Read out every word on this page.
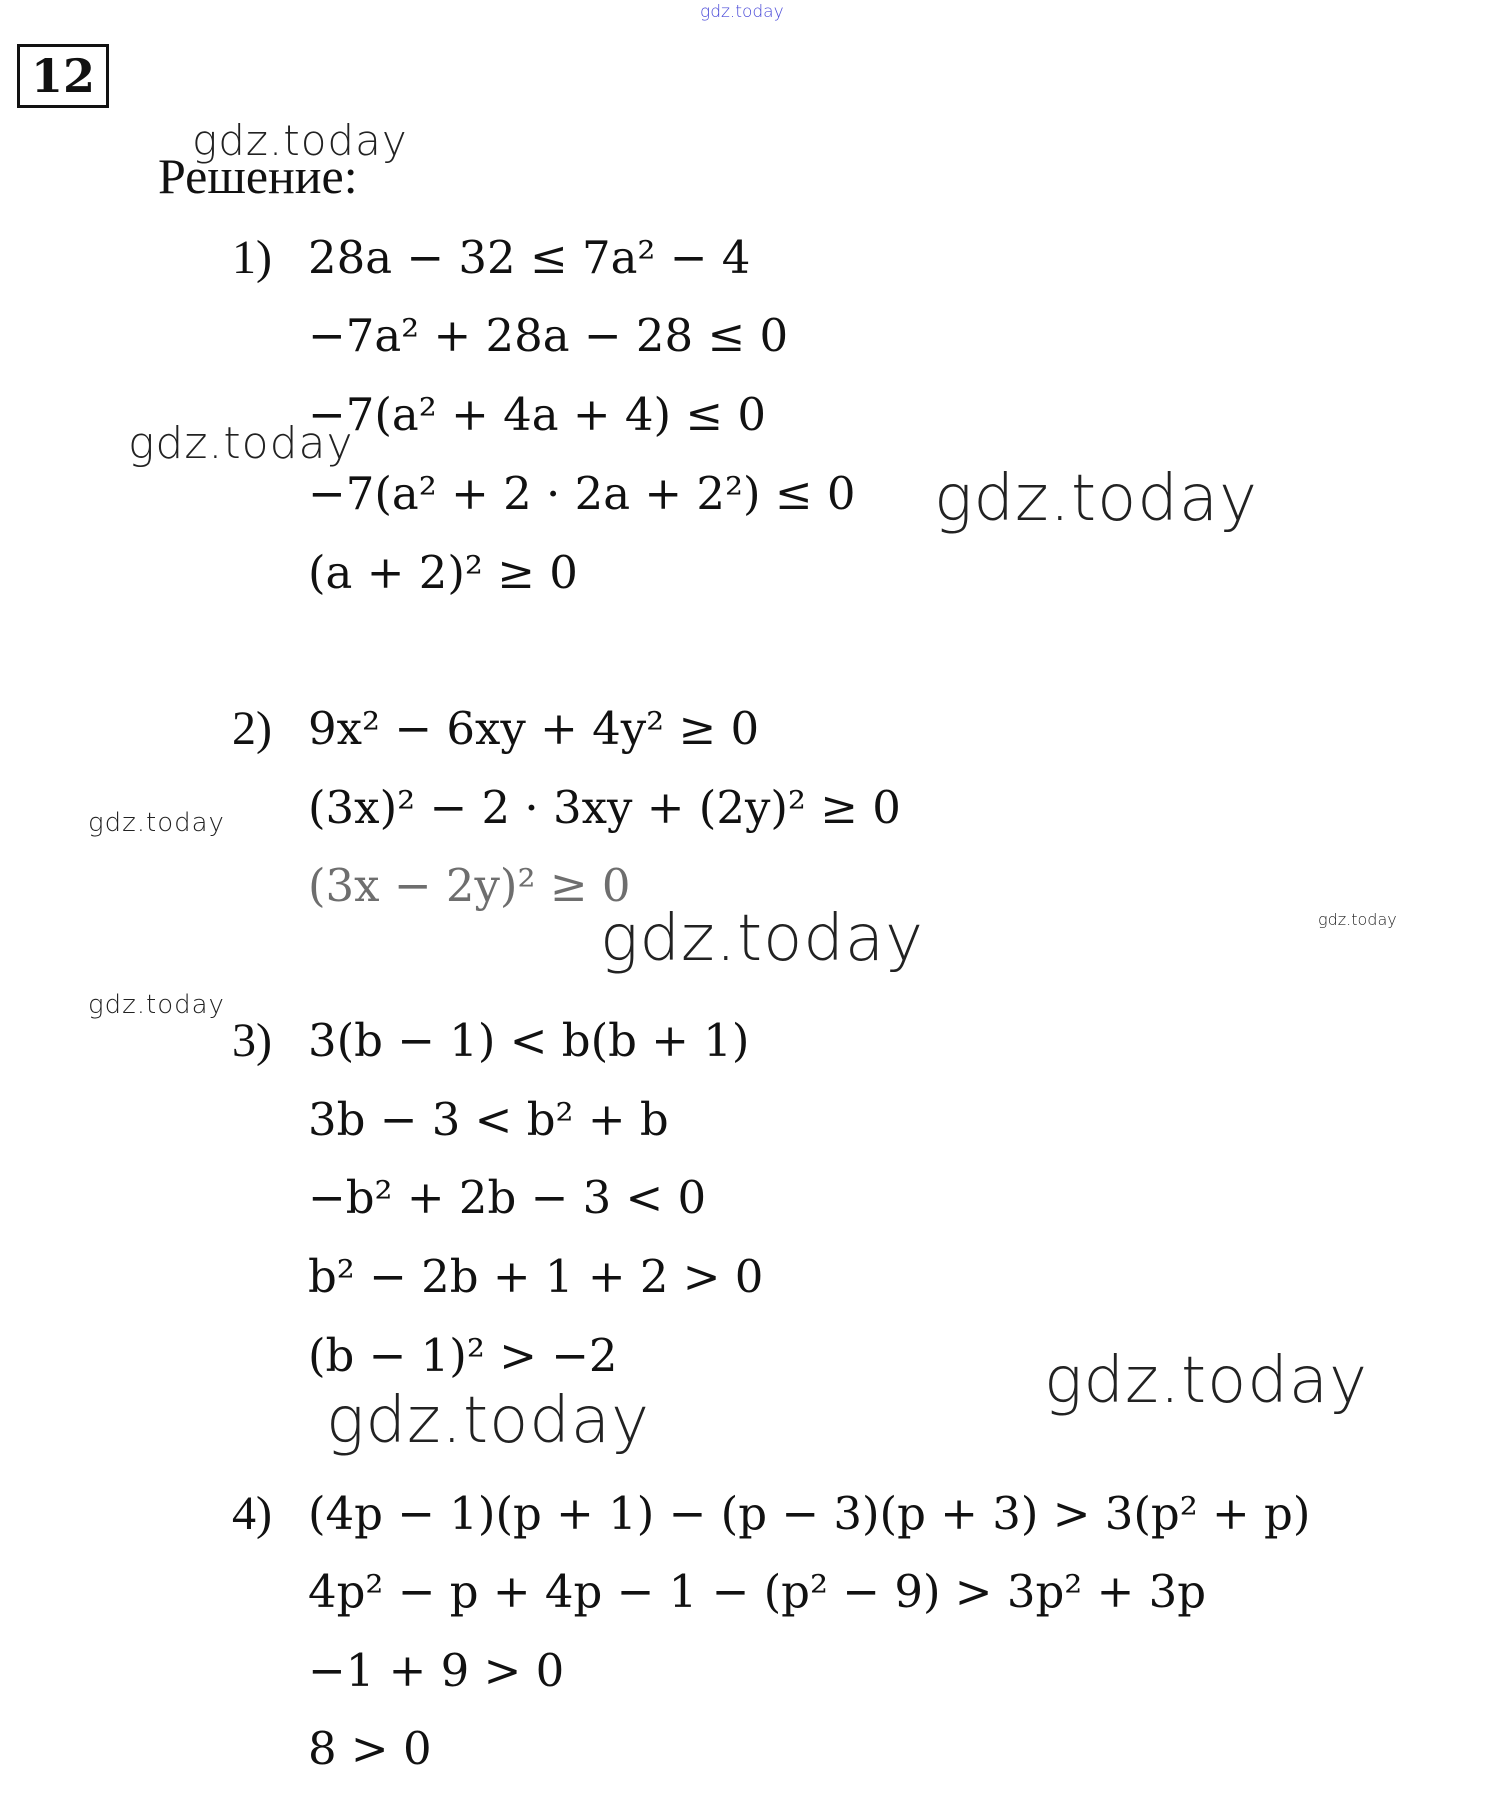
gdz.today
gdz.today
gdz.today
gdz.today
gdz.today
gdz.today
gdz.today
gdz.today
gdz.today
gdz.today
12
Решение:
1) 28a − 32 ≤ 7a² − 4
−7a² + 28a − 28 ≤ 0
−7(a² + 4a + 4) ≤ 0
−7(a² + 2 · 2a + 2²) ≤ 0
(a + 2)² ≥ 0
2) 9x² − 6xy + 4y² ≥ 0
(3x)² − 2 · 3xy + (2y)² ≥ 0
(3x − 2y)² ≥ 0
3) 3(b − 1) < b(b + 1)
3b − 3 < b² + b
−b² + 2b − 3 < 0
b² − 2b + 1 + 2 > 0
(b − 1)² > −2
4) (4p − 1)(p + 1) − (p − 3)(p + 3) > 3(p² + p)
4p² − p + 4p − 1 − (p² − 9) > 3p² + 3p
−1 + 9 > 0
8 > 0
